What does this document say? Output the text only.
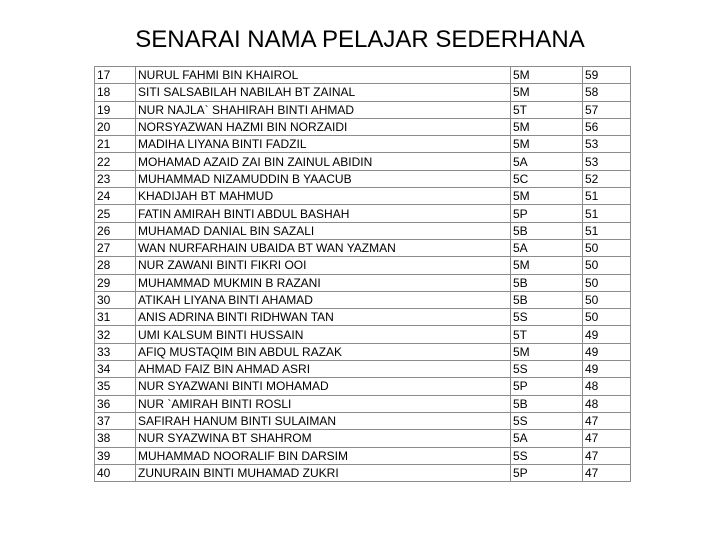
SENARAI NAMA PELAJAR SEDERHANA
17	NURUL FAHMI BIN KHAIROL	5M	59
18	SITI SALSABILAH NABILAH BT ZAINAL	5M	58
19	NUR NAJLA` SHAHIRAH BINTI AHMAD	5T	57
20	NORSYAZWAN HAZMI BIN NORZAIDI	5M	56
21	MADIHA LIYANA BINTI FADZIL	5M	53
22	MOHAMAD AZAID ZAI BIN ZAINUL ABIDIN	5A	53
23	MUHAMMAD NIZAMUDDIN B YAACUB	5C	52
24	KHADIJAH BT MAHMUD	5M	51
25	FATIN AMIRAH BINTI ABDUL BASHAH	5P	51
26	MUHAMAD DANIAL BIN SAZALI	5B	51
27	WAN NURFARHAIN UBAIDA BT WAN YAZMAN	5A	50
28	NUR ZAWANI BINTI FIKRI OOI	5M	50
29	MUHAMMAD MUKMIN B RAZANI	5B	50
30	ATIKAH LIYANA BINTI AHAMAD	5B	50
31	ANIS ADRINA BINTI RIDHWAN TAN	5S	50
32	UMI KALSUM BINTI HUSSAIN	5T	49
33	AFIQ MUSTAQIM BIN ABDUL RAZAK	5M	49
34	AHMAD FAIZ BIN AHMAD ASRI	5S	49
35	NUR SYAZWANI BINTI MOHAMAD	5P	48
36	NUR `AMIRAH BINTI ROSLI	5B	48
37	SAFIRAH HANUM BINTI SULAIMAN	5S	47
38	NUR SYAZWINA BT SHAHROM	5A	47
39	MUHAMMAD NOORALIF BIN DARSIM	5S	47
40	ZUNURAIN BINTI MUHAMAD ZUKRI	5P	47
